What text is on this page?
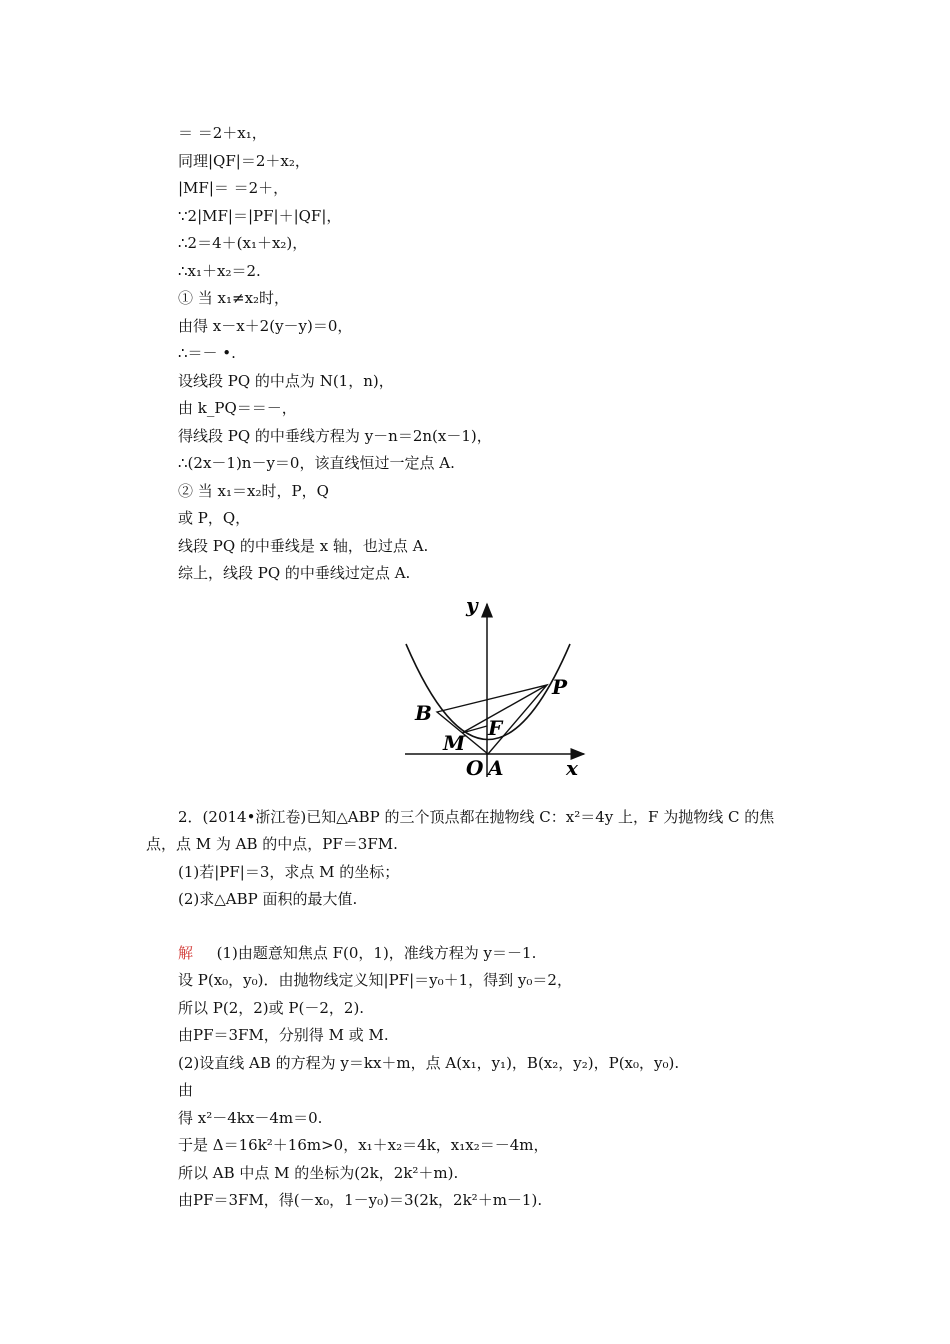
＝ ＝2＋x₁，
同理|QF|＝2＋x₂，
|MF|＝ ＝2＋，
∵2|MF|＝|PF|＋|QF|，
∴2＝4＋(x₁＋x₂)，
∴x₁＋x₂＝2.
① 当 x₁≠x₂时，
由得 x－x＋2(y－y)＝0，
∴＝－ •.
设线段 PQ 的中点为 N(1，n)，
由 k_PQ＝＝－，
得线段 PQ 的中垂线方程为 y－n＝2n(x－1)，
∴(2x－1)n－y＝0，该直线恒过一定点 A.
② 当 x₁＝x₂时，P，Q
或 P，Q，
线段 PQ 的中垂线是 x 轴，也过点 A.
综上，线段 PQ 的中垂线过定点 A.
y
P
B
F
M
O A	x
2．(2014•浙江卷)已知△ABP 的三个顶点都在抛物线 C：x²＝4y 上，F 为抛物线 C 的焦
点，点 M 为 AB 的中点，PF＝3FM.
(1)若|PF|＝3，求点 M 的坐标；
(2)求△ABP 面积的最大值.
解 (1)由题意知焦点 F(0，1)，准线方程为 y＝－1.
设 P(x₀，y₀)．由抛物线定义知|PF|＝y₀＋1，得到 y₀＝2，
所以 P(2，2)或 P(－2，2).
由PF＝3FM，分别得 M 或 M.
(2)设直线 AB 的方程为 y＝kx＋m，点 A(x₁，y₁)，B(x₂，y₂)，P(x₀，y₀).
由
得 x²－4kx－4m＝0.
于是 Δ＝16k²＋16m>0，x₁＋x₂＝4k，x₁x₂＝－4m，
所以 AB 中点 M 的坐标为(2k，2k²＋m).
由PF＝3FM，得(－x₀，1－y₀)＝3(2k，2k²＋m－1).
